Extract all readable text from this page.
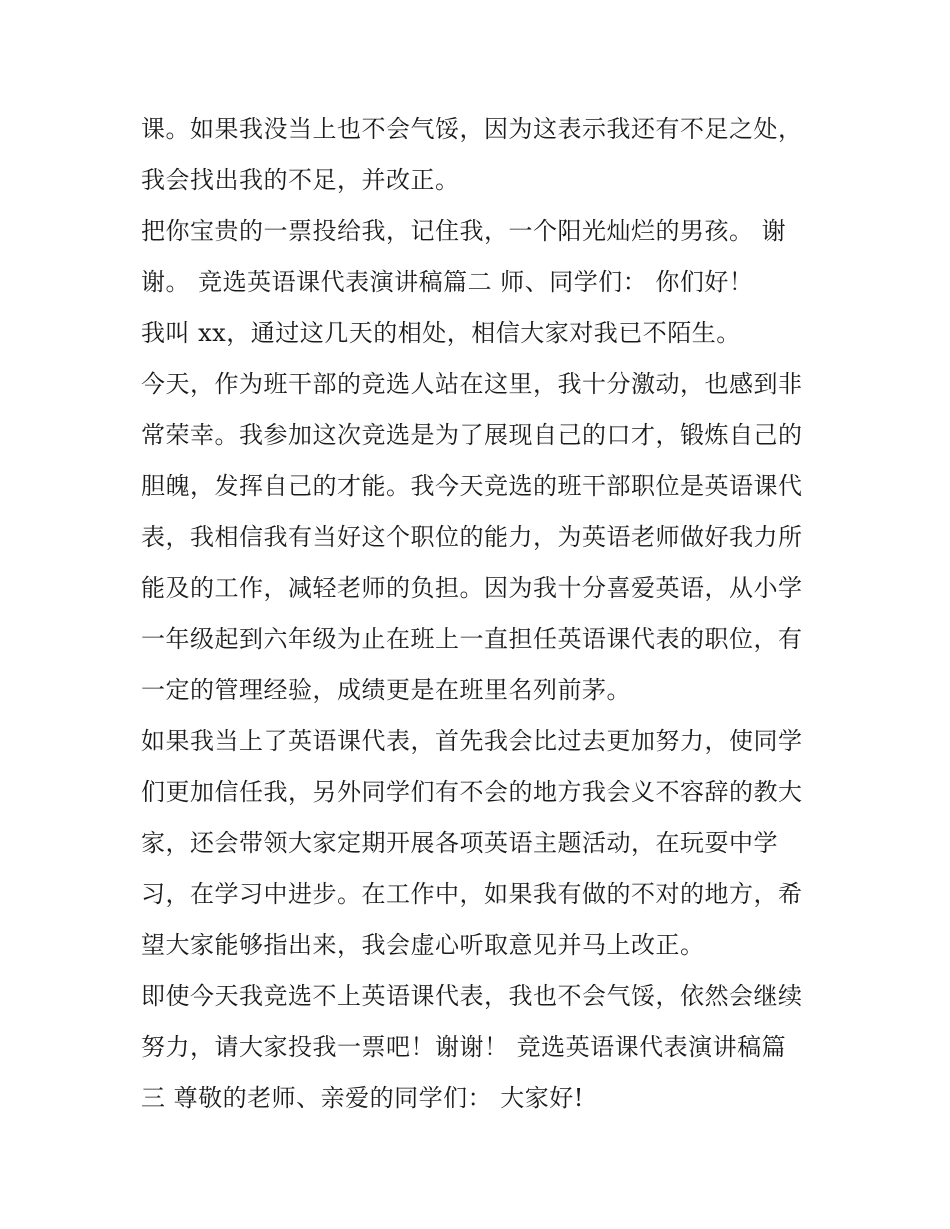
课。如果我没当上也不会气馁，因为这表示我还有不足之处，
我会找出我的不足，并改正。
把你宝贵的一票投给我，记住我，一个阳光灿烂的男孩。 谢
谢。 竞选英语课代表演讲稿篇二 师、同学们： 你们好！
我叫 xx，通过这几天的相处，相信大家对我已不陌生。
今天，作为班干部的竞选人站在这里，我十分激动，也感到非
常荣幸。我参加这次竞选是为了展现自己的口才，锻炼自己的
胆魄，发挥自己的才能。我今天竞选的班干部职位是英语课代
表，我相信我有当好这个职位的能力，为英语老师做好我力所
能及的工作，减轻老师的负担。因为我十分喜爱英语，从小学
一年级起到六年级为止在班上一直担任英语课代表的职位，有
一定的管理经验，成绩更是在班里名列前茅。
如果我当上了英语课代表，首先我会比过去更加努力，使同学
们更加信任我，另外同学们有不会的地方我会义不容辞的教大
家，还会带领大家定期开展各项英语主题活动，在玩耍中学
习，在学习中进步。在工作中，如果我有做的不对的地方，希
望大家能够指出来，我会虚心听取意见并马上改正。
即使今天我竞选不上英语课代表，我也不会气馁，依然会继续
努力，请大家投我一票吧！谢谢！ 竞选英语课代表演讲稿篇
三 尊敬的老师、亲爱的同学们： 大家好!
